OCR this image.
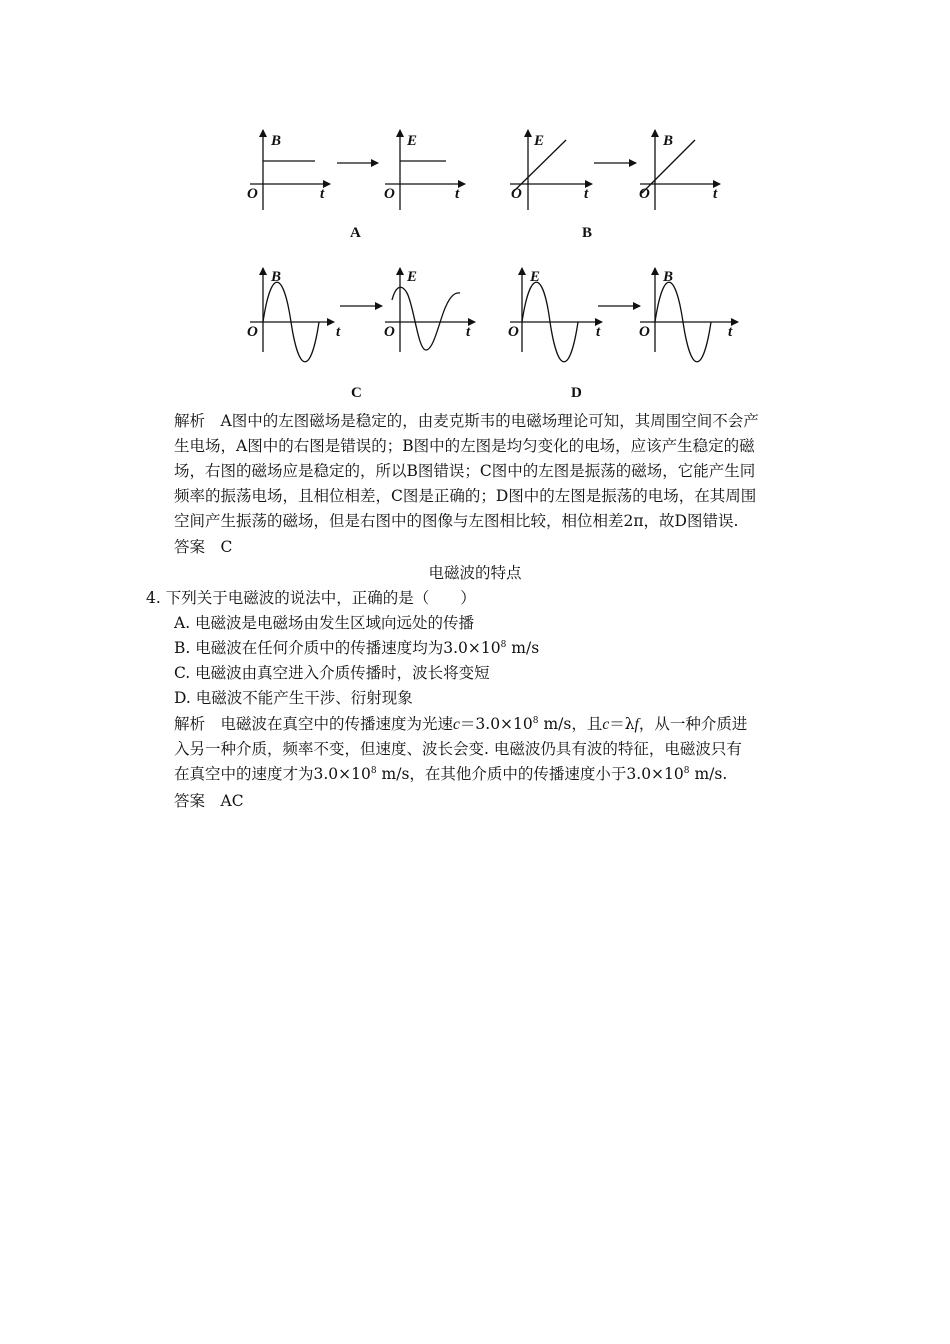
B
O	t
E
O	t
A
E
O	t
B
O	t
B
B
O	t
E
O	t
C
E
O	t
B
O	t
D
解析　A图中的左图磁场是稳定的，由麦克斯韦的电磁场理论可知，其周围空间不会产
生电场，A图中的右图是错误的；B图中的左图是均匀变化的电场，应该产生稳定的磁
场，右图的磁场应是稳定的，所以B图错误；C图中的左图是振荡的磁场，它能产生同
频率的振荡电场，且相位相差，C图是正确的；D图中的左图是振荡的电场，在其周围
空间产生振荡的磁场，但是右图中的图像与左图相比较，相位相差2π，故D图错误.
答案　C
电磁波的特点
4. 下列关于电磁波的说法中，正确的是（　　）
A. 电磁波是电磁场由发生区域向远处的传播
B. 电磁波在任何介质中的传播速度均为$3.0\times 10^8$ m/s
C. 电磁波由真空进入介质传播时，波长将变短
D. 电磁波不能产生干涉、衍射现象
解析　电磁波在真空中的传播速度为光速$c=3.0\times 10^8$ m/s，且c＝λf，从一种介质进
入另一种介质，频率不变，但速度、波长会变. 电磁波仍具有波的特征，电磁波只有
在真空中的速度才为$3.0\times 10^8$ m/s，在其他介质中的传播速度小于$3.0\times 10^8$ m/s.
答案　AC
